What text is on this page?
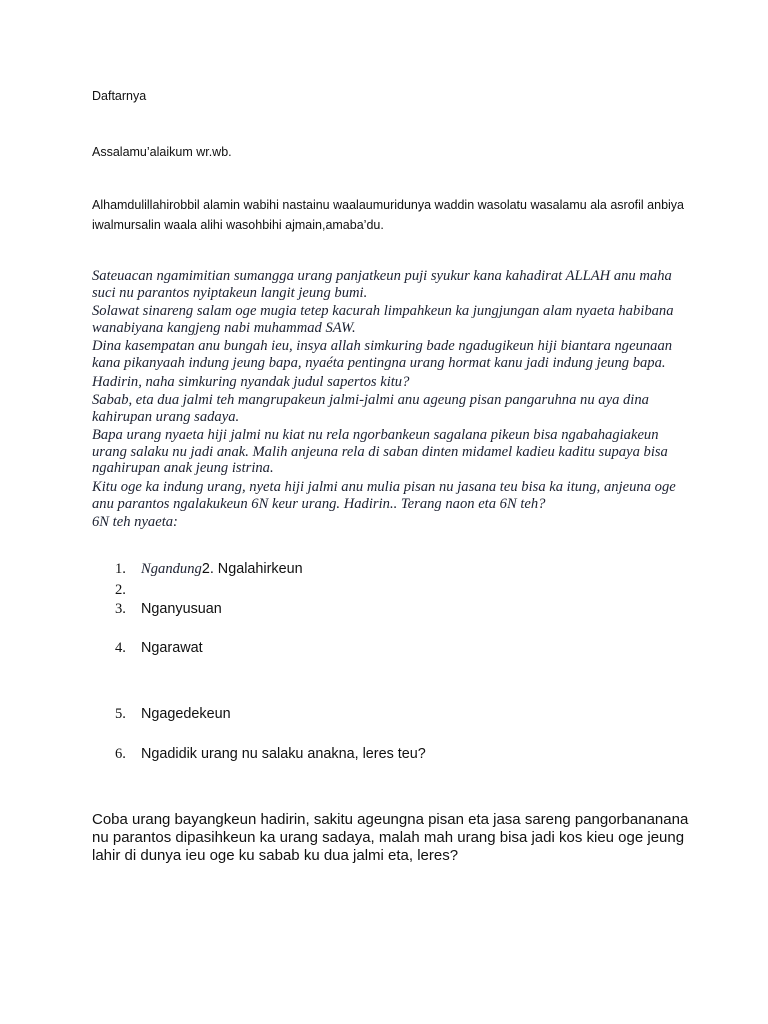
Daftarnya
Assalamu’alaikum wr.wb.
Alhamdulillahirobbil alamin wabihi nastainu waalaumuridunya waddin wasolatu wasalamu ala asrofil anbiya iwalmursalin waala alihi wasohbihi ajmain,amaba’du.

Sateuacan ngamimitian sumangga urang panjatkeun puji syukur kana kahadirat ALLAH anu maha suci nu parantos nyiptakeun langit jeung bumi.

Solawat sinareng salam oge mugia tetep kacurah limpahkeun ka jungjungan alam nyaeta habibana wanabiyana kangjeng nabi muhammad SAW.

Dina kasempatan anu bungah ieu, insya allah simkuring bade ngadugikeun hiji biantara ngeunaan kana pikanyaah indung jeung bapa, nyaéta pentingna urang hormat kanu jadi indung jeung bapa.

Hadirin, naha simkuring nyandak judul sapertos kitu?

Sabab, eta dua jalmi teh mangrupakeun jalmi-jalmi anu ageung pisan pangaruhna nu aya dina kahirupan urang sadaya.

Bapa urang nyaeta hiji jalmi nu kiat nu rela ngorbankeun sagalana pikeun bisa ngabahagiakeun urang salaku nu jadi anak. Malih anjeuna rela di saban dinten midamel kadieu kaditu supaya bisa ngahirupan anak jeung istrina.

Kitu oge ka indung urang, nyeta hiji jalmi anu mulia pisan nu jasana teu bisa ka itung, anjeuna oge anu parantos ngalakukeun 6N keur urang. Hadirin.. Terang naon eta 6N teh?

6N teh nyaeta:

1. Ngandung2. Ngalahirkeun
2.
3. Nganyusuan
4. Ngarawat
5. Ngagedekeun
6. Ngadidik urang nu salaku anakna, leres teu?
Coba urang bayangkeun hadirin, sakitu ageungna pisan eta jasa sareng pangorbananana nu parantos dipasihkeun ka urang sadaya, malah mah urang bisa jadi kos kieu oge jeung lahir di dunya ieu oge ku sabab ku dua jalmi eta, leres?
